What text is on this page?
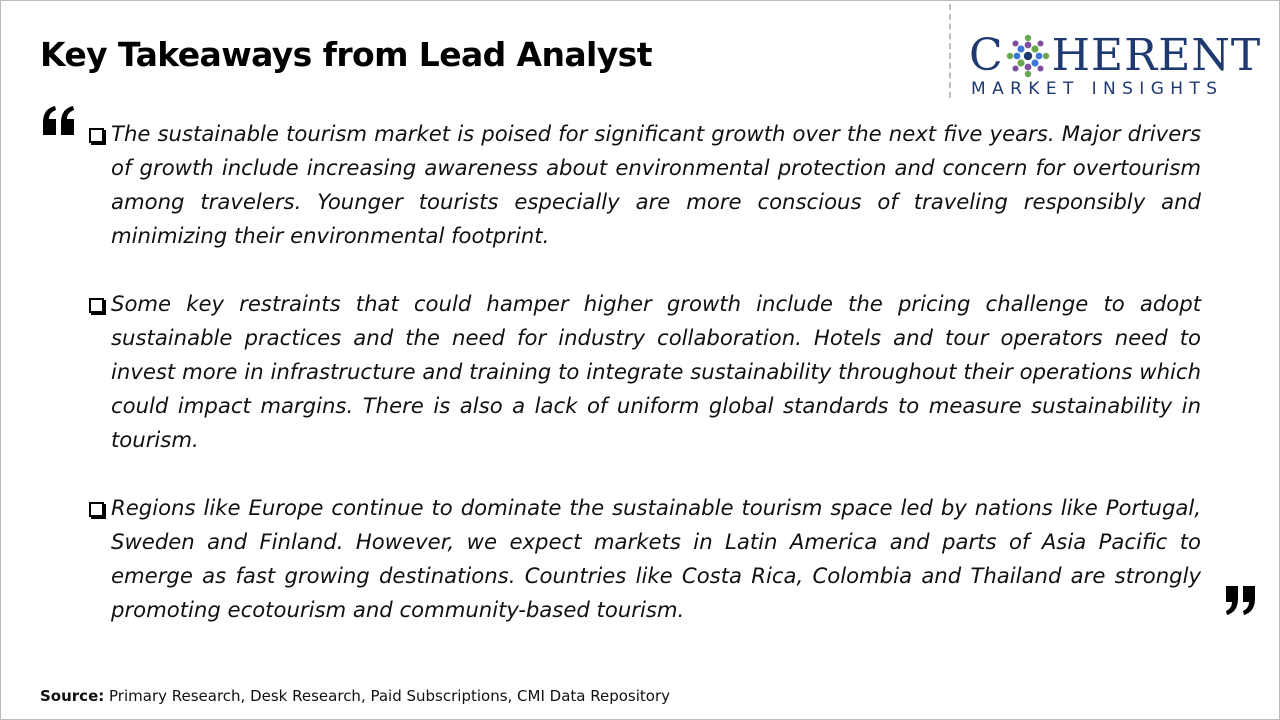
Key Takeaways from Lead Analyst	C HERENT
MARKET INSIGHTS
The sustainable tourism market is poised for significant growth over the next five years. Major drivers of growth include increasing awareness about environmental protection and concern for overtourism among travelers. Younger tourists especially are more conscious of traveling responsibly and minimizing their environmental footprint.
Some key restraints that could hamper higher growth include the pricing challenge to adopt sustainable practices and the need for industry collaboration. Hotels and tour operators need to invest more in infrastructure and training to integrate sustainability throughout their operations which could impact margins. There is also a lack of uniform global standards to measure sustainability in tourism.
Regions like Europe continue to dominate the sustainable tourism space led by nations like Portugal, Sweden and Finland. However, we expect markets in Latin America and parts of Asia Pacific to emerge as fast growing destinations. Countries like Costa Rica, Colombia and Thailand are strongly promoting ecotourism and community-based tourism.
Source: Primary Research, Desk Research, Paid Subscriptions, CMI Data Repository
